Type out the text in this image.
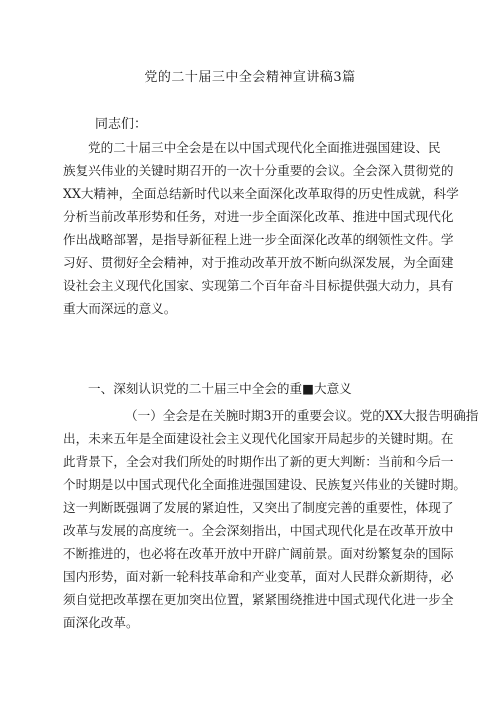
党的二十届三中全会精神宣讲稿3篇
同志们：
党的二十届三中全会是在以中国式现代化全面推进强国建设、民
族复兴伟业的关键时期召开的一次十分重要的会议。全会深入贯彻党的
XX大精神，全面总结新时代以来全面深化改革取得的历史性成就，科学
分析当前改革形势和任务，对进一步全面深化改革、推进中国式现代化
作出战略部署，是指导新征程上进一步全面深化改革的纲领性文件。学
习好、贯彻好全会精神，对于推动改革开放不断向纵深发展，为全面建
设社会主义现代化国家、实现第二个百年奋斗目标提供强大动力，具有
重大而深远的意义。
一、深刻认识党的二十届三中全会的重■大意义
（一）全会是在关腕时期3开的重要会议。党的XX大报告明确指
出，未来五年是全面建设社会主义现代化国家开局起步的关键时期。在
此背景下，全会对我们所处的时期作出了新的更大判断：当前和今后一
个时期是以中国式现代化全面推进强国建设、民族复兴伟业的关键时期。
这一判断既强调了发展的紧迫性，又突出了制度完善的重要性，体现了
改革与发展的高度统一。全会深刻指出，中国式现代化是在改革开放中
不断推进的，也必将在改革开放中开辟广阔前景。面对纷繁复杂的国际
国内形势，面对新一轮科技革命和产业变革，面对人民群众新期待，必
须自觉把改革摆在更加突出位置，紧紧围绕推进中国式现代化进一步全
面深化改革。
